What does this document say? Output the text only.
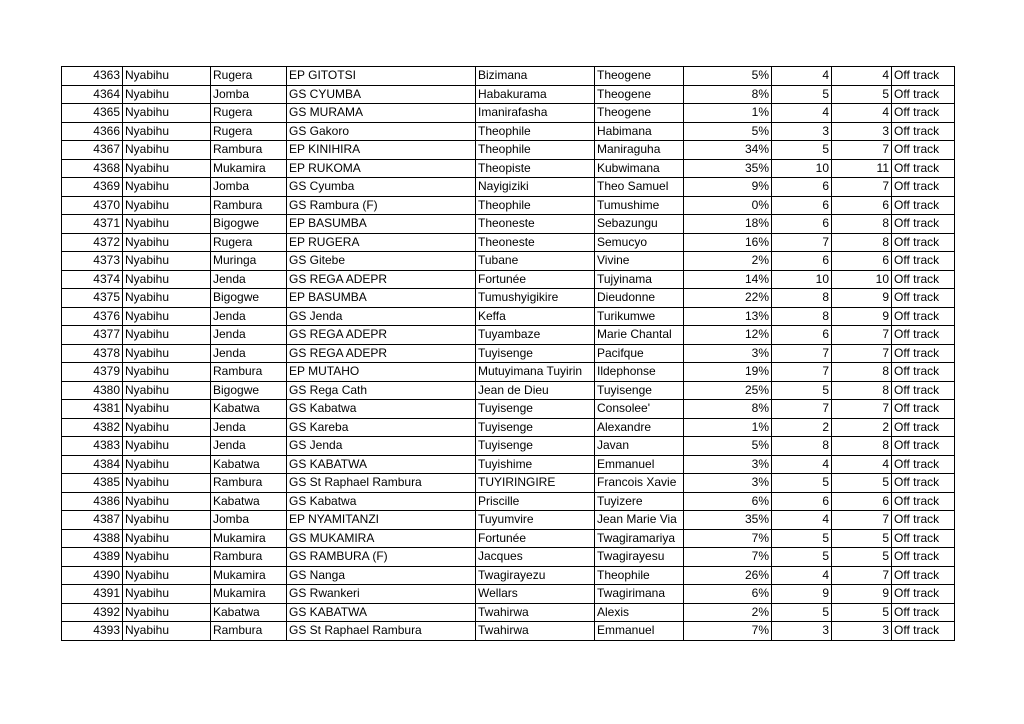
4363	Nyabihu	Rugera	EP GITOTSI	Bizimana	Theogene	5%	4	4	Off track
4364	Nyabihu	Jomba	GS CYUMBA	Habakurama	Theogene	8%	5	5	Off track
4365	Nyabihu	Rugera	GS MURAMA	Imanirafasha	Theogene	1%	4	4	Off track
4366	Nyabihu	Rugera	GS Gakoro	Theophile	Habimana	5%	3	3	Off track
4367	Nyabihu	Rambura	EP KINIHIRA	Theophile	Maniraguha	34%	5	7	Off track
4368	Nyabihu	Mukamira	EP RUKOMA	Theopiste	Kubwimana	35%	10	11	Off track
4369	Nyabihu	Jomba	GS Cyumba	Nayigiziki	Theo Samuel	9%	6	7	Off track
4370	Nyabihu	Rambura	GS Rambura (F)	Theophile	Tumushime	0%	6	6	Off track
4371	Nyabihu	Bigogwe	EP BASUMBA	Theoneste	Sebazungu	18%	6	8	Off track
4372	Nyabihu	Rugera	EP RUGERA	Theoneste	Semucyo	16%	7	8	Off track
4373	Nyabihu	Muringa	GS Gitebe	Tubane	Vivine	2%	6	6	Off track
4374	Nyabihu	Jenda	GS REGA ADEPR	Fortunée	Tujyinama	14%	10	10	Off track
4375	Nyabihu	Bigogwe	EP BASUMBA	Tumushyigikire	Dieudonne	22%	8	9	Off track
4376	Nyabihu	Jenda	GS Jenda	Keffa	Turikumwe	13%	8	9	Off track
4377	Nyabihu	Jenda	GS REGA ADEPR	Tuyambaze	Marie Chantal	12%	6	7	Off track
4378	Nyabihu	Jenda	GS REGA ADEPR	Tuyisenge	Pacifque	3%	7	7	Off track
4379	Nyabihu	Rambura	EP MUTAHO	Mutuyimana Tuyirin	Ildephonse	19%	7	8	Off track
4380	Nyabihu	Bigogwe	GS Rega Cath	Jean de Dieu	Tuyisenge	25%	5	8	Off track
4381	Nyabihu	Kabatwa	GS Kabatwa	Tuyisenge	Consolee'	8%	7	7	Off track
4382	Nyabihu	Jenda	GS Kareba	Tuyisenge	Alexandre	1%	2	2	Off track
4383	Nyabihu	Jenda	GS Jenda	Tuyisenge	Javan	5%	8	8	Off track
4384	Nyabihu	Kabatwa	GS KABATWA	Tuyishime	Emmanuel	3%	4	4	Off track
4385	Nyabihu	Rambura	GS St Raphael Rambura	TUYIRINGIRE	Francois Xavie	3%	5	5	Off track
4386	Nyabihu	Kabatwa	GS Kabatwa	Priscille	Tuyizere	6%	6	6	Off track
4387	Nyabihu	Jomba	EP NYAMITANZI	Tuyumvire	Jean Marie Via	35%	4	7	Off track
4388	Nyabihu	Mukamira	GS MUKAMIRA	Fortunée	Twagiramariya	7%	5	5	Off track
4389	Nyabihu	Rambura	GS RAMBURA (F)	Jacques	Twagirayesu	7%	5	5	Off track
4390	Nyabihu	Mukamira	GS Nanga	Twagirayezu	Theophile	26%	4	7	Off track
4391	Nyabihu	Mukamira	GS Rwankeri	Wellars	Twagirimana	6%	9	9	Off track
4392	Nyabihu	Kabatwa	GS KABATWA	Twahirwa	Alexis	2%	5	5	Off track
4393	Nyabihu	Rambura	GS St Raphael Rambura	Twahirwa	Emmanuel	7%	3	3	Off track
